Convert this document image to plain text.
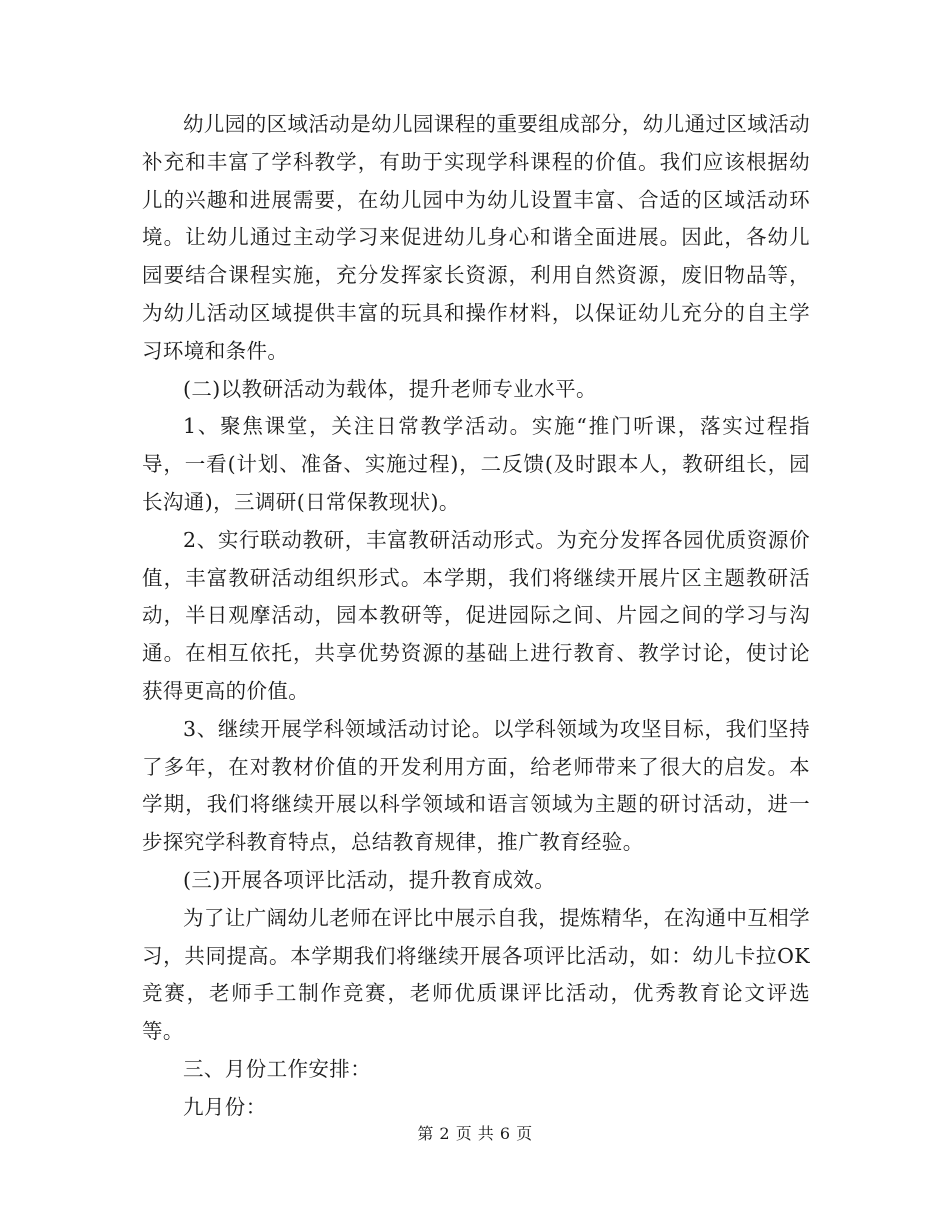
幼儿园的区域活动是幼儿园课程的重要组成部分，幼儿通过区域活动补充和丰富了学科教学，有助于实现学科课程的价值。我们应该根据幼儿的兴趣和进展需要，在幼儿园中为幼儿设置丰富、合适的区域活动环境。让幼儿通过主动学习来促进幼儿身心和谐全面进展。因此，各幼儿园要结合课程实施，充分发挥家长资源，利用自然资源，废旧物品等，为幼儿活动区域提供丰富的玩具和操作材料，以保证幼儿充分的自主学习环境和条件。

(二)以教研活动为载体，提升老师专业水平。

1、聚焦课堂，关注日常教学活动。实施“推门听课，落实过程指导，一看(计划、准备、实施过程)，二反馈(及时跟本人，教研组长，园长沟通)，三调研(日常保教现状)。

2、实行联动教研，丰富教研活动形式。为充分发挥各园优质资源价值，丰富教研活动组织形式。本学期，我们将继续开展片区主题教研活动，半日观摩活动，园本教研等，促进园际之间、片园之间的学习与沟通。在相互依托，共享优势资源的基础上进行教育、教学讨论，使讨论获得更高的价值。

3、继续开展学科领域活动讨论。以学科领域为攻坚目标，我们坚持了多年，在对教材价值的开发利用方面，给老师带来了很大的启发。本学期，我们将继续开展以科学领域和语言领域为主题的研讨活动，进一步探究学科教育特点，总结教育规律，推广教育经验。

(三)开展各项评比活动，提升教育成效。

为了让广阔幼儿老师在评比中展示自我，提炼精华，在沟通中互相学习，共同提高。本学期我们将继续开展各项评比活动，如：幼儿卡拉OK竞赛，老师手工制作竞赛，老师优质课评比活动，优秀教育论文评选等。

三、月份工作安排：

九月份：

第 2 页 共 6 页
